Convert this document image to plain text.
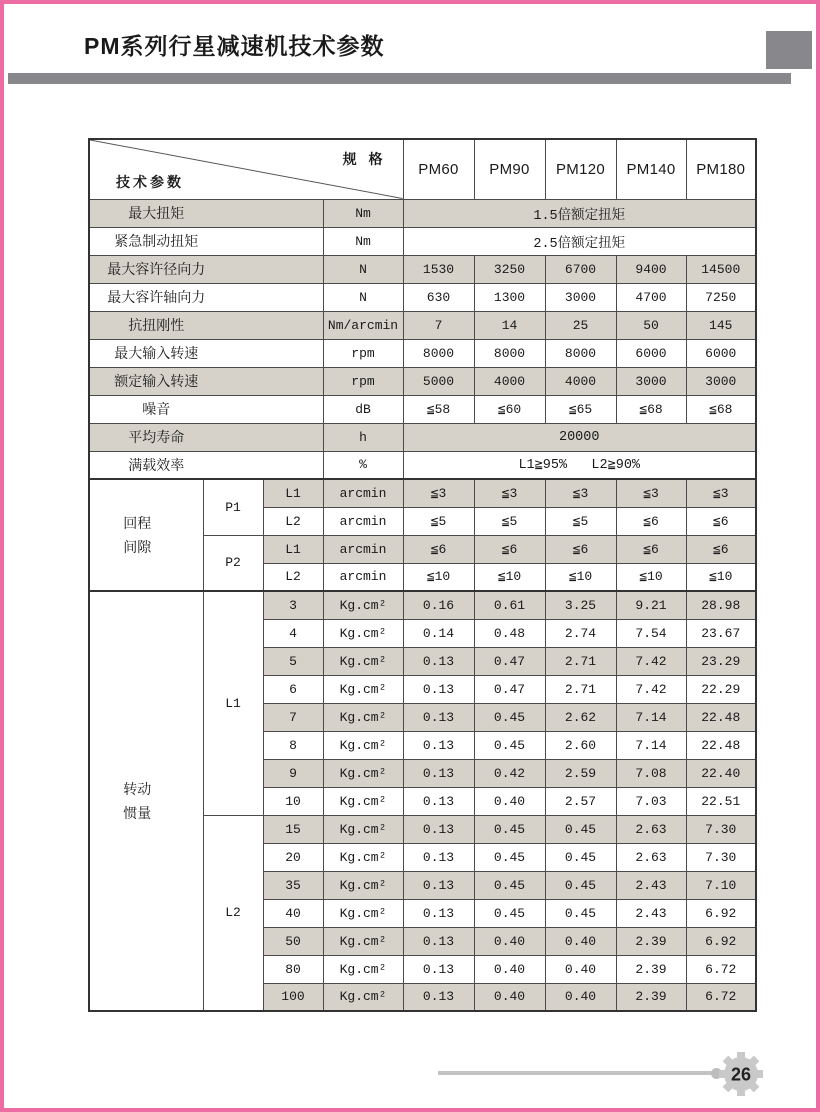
PM系列行星减速机技术参数
规 格
技术参数				PM60	PM90	PM120	PM140	PM180
最大扭矩			Nm	1.5倍额定扭矩				
紧急制动扭矩			Nm	2.5倍额定扭矩				
最大容许径向力			N	1530	3250	6700	9400	14500
最大容许轴向力			N	630	1300	3000	4700	7250
抗扭刚性			Nm/arcmin	7	14	25	50	145
最大输入转速			rpm	8000	8000	8000	6000	6000
额定输入转速			rpm	5000	4000	4000	3000	3000
噪音			dB	≦58	≦60	≦65	≦68	≦68
平均寿命			h	20000				
满载效率			%	L1≧95%   L2≧90%				
回程间隙	P1	L1	arcmin	≦3	≦3	≦3	≦3	≦3
		L2	arcmin	≦5	≦5	≦5	≦6	≦6
	P2	L1	arcmin	≦6	≦6	≦6	≦6	≦6
		L2	arcmin	≦10	≦10	≦10	≦10	≦10
转动惯量	L1	3	Kg.cm²	0.16	0.61	3.25	9.21	28.98
		4	Kg.cm²	0.14	0.48	2.74	7.54	23.67
		5	Kg.cm²	0.13	0.47	2.71	7.42	23.29
		6	Kg.cm²	0.13	0.47	2.71	7.42	22.29
		7	Kg.cm²	0.13	0.45	2.62	7.14	22.48
		8	Kg.cm²	0.13	0.45	2.60	7.14	22.48
		9	Kg.cm²	0.13	0.42	2.59	7.08	22.40
		10	Kg.cm²	0.13	0.40	2.57	7.03	22.51
	L2	15	Kg.cm²	0.13	0.45	0.45	2.63	7.30
		20	Kg.cm²	0.13	0.45	0.45	2.63	7.30
		35	Kg.cm²	0.13	0.45	0.45	2.43	7.10
		40	Kg.cm²	0.13	0.45	0.45	2.43	6.92
		50	Kg.cm²	0.13	0.40	0.40	2.39	6.92
		80	Kg.cm²	0.13	0.40	0.40	2.39	6.72
		100	Kg.cm²	0.13	0.40	0.40	2.39	6.72
26
